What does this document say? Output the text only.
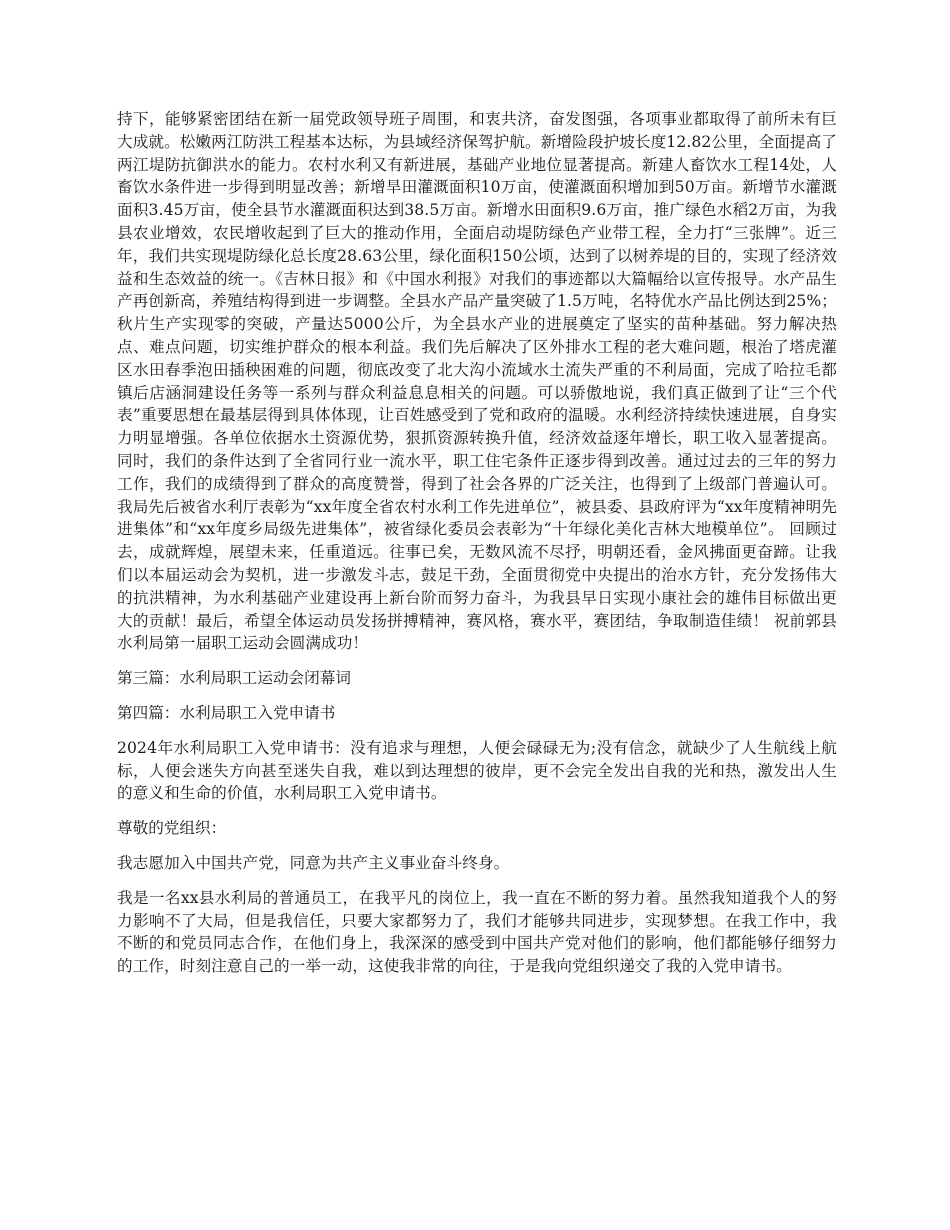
持下，能够紧密团结在新一届党政领导班子周围，和衷共济，奋发图强，各项事业都取得了前所未有巨大成就。松嫩两江防洪工程基本达标，为县域经济保驾护航。新增险段护坡长度12.82公里，全面提高了两江堤防抗御洪水的能力。农村水利又有新进展，基础产业地位显著提高。新建人畜饮水工程14处，人畜饮水条件进一步得到明显改善；新增旱田灌溉面积10万亩，使灌溉面积增加到50万亩。新增节水灌溉面积3.45万亩，使全县节水灌溉面积达到38.5万亩。新增水田面积9.6万亩，推广绿色水稻2万亩，为我县农业增效，农民增收起到了巨大的推动作用，全面启动堤防绿色产业带工程，全力打“三张牌”。近三年，我们共实现堤防绿化总长度28.63公里，绿化面积150公顷，达到了以树养堤的目的，实现了经济效益和生态效益的统一。《吉林日报》和《中国水利报》对我们的事迹都以大篇幅给以宣传报导。水产品生产再创新高，养殖结构得到进一步调整。全县水产品产量突破了1.5万吨，名特优水产品比例达到25%；秋片生产实现零的突破，产量达5000公斤，为全县水产业的进展奠定了坚实的苗种基础。努力解决热点、难点问题，切实维护群众的根本利益。我们先后解决了区外排水工程的老大难问题，根治了塔虎灌区水田春季泡田插秧困难的问题，彻底改变了北大沟小流域水土流失严重的不利局面，完成了哈拉毛都镇后店涵洞建设任务等一系列与群众利益息息相关的问题。可以骄傲地说，我们真正做到了让“三个代表”重要思想在最基层得到具体体现，让百姓感受到了党和政府的温暖。水利经济持续快速进展，自身实力明显增强。各单位依据水土资源优势，狠抓资源转换升值，经济效益逐年增长，职工收入显著提高。同时，我们的条件达到了全省同行业一流水平，职工住宅条件正逐步得到改善。通过过去的三年的努力工作，我们的成绩得到了群众的高度赞誉，得到了社会各界的广泛关注，也得到了上级部门普遍认可。我局先后被省水利厅表彰为“xx年度全省农村水利工作先进单位”，被县委、县政府评为“xx年度精神明先进集体”和“xx年度乡局级先进集体”，被省绿化委员会表彰为“十年绿化美化吉林大地模单位”。 回顾过去，成就辉煌，展望未来，任重道远。往事已矣，无数风流不尽抒，明朝还看，金风拂面更奋蹄。让我们以本届运动会为契机，进一步激发斗志，鼓足干劲，全面贯彻党中央提出的治水方针，充分发扬伟大的抗洪精神，为水利基础产业建设再上新台阶而努力奋斗，为我县早日实现小康社会的雄伟目标做出更大的贡献！最后，希望全体运动员发扬拼搏精神，赛风格，赛水平，赛团结，争取制造佳绩！ 祝前郭县水利局第一届职工运动会圆满成功！

第三篇：水利局职工运动会闭幕词

第四篇：水利局职工入党申请书

2024年水利局职工入党申请书：没有追求与理想，人便会碌碌无为;没有信念，就缺少了人生航线上航标，人便会迷失方向甚至迷失自我，难以到达理想的彼岸，更不会完全发出自我的光和热，激发出人生的意义和生命的价值，水利局职工入党申请书。

尊敬的党组织：

我志愿加入中国共产党，同意为共产主义事业奋斗终身。

我是一名xx县水利局的普通员工，在我平凡的岗位上，我一直在不断的努力着。虽然我知道我个人的努力影响不了大局，但是我信任，只要大家都努力了，我们才能够共同进步，实现梦想。在我工作中，我不断的和党员同志合作，在他们身上，我深深的感受到中国共产党对他们的影响，他们都能够仔细努力的工作，时刻注意自己的一举一动，这使我非常的向往，于是我向党组织递交了我的入党申请书。
